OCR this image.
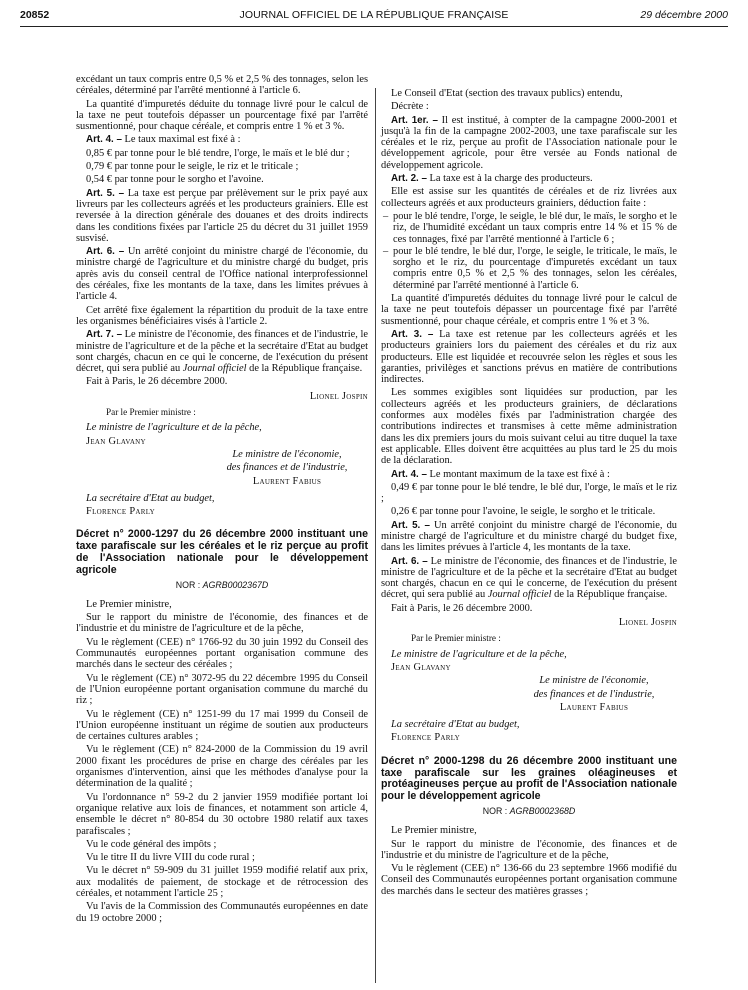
20852	JOURNAL OFFICIEL DE LA RÉPUBLIQUE FRANÇAISE	29 décembre 2000

excédant un taux compris entre 0,5 % et 2,5 % des tonnages, selon les céréales, déterminé par l'arrêté mentionné à l'article 6.

La quantité d'impuretés déduite du tonnage livré pour le calcul de la taxe ne peut toutefois dépasser un pourcentage fixé par l'arrêté susmentionné, pour chaque céréale, et compris entre 1 % et 3 %.

Art. 4. – Le taux maximal est fixé à :

0,85 € par tonne pour le blé tendre, l'orge, le maïs et le blé dur ;

0,79 € par tonne pour le seigle, le riz et le triticale ;

0,54 € par tonne pour le sorgho et l'avoine.

Art. 5. – La taxe est perçue par prélèvement sur le prix payé aux livreurs par les collecteurs agréés et les producteurs grainiers. Elle est reversée à la direction générale des douanes et des droits indirects dans les conditions fixées par l'article 25 du décret du 31 juillet 1959 susvisé.

Art. 6. – Un arrêté conjoint du ministre chargé de l'économie, du ministre chargé de l'agriculture et du ministre chargé du budget, pris après avis du conseil central de l'Office national interprofessionnel des céréales, fixe les montants de la taxe, dans les limites prévues à l'article 4.

Cet arrêté fixe également la répartition du produit de la taxe entre les organismes bénéficiaires visés à l'article 2.

Art. 7. – Le ministre de l'économie, des finances et de l'industrie, le ministre de l'agriculture et de la pêche et la secrétaire d'Etat au budget sont chargés, chacun en ce qui le concerne, de l'exécution du présent décret, qui sera publié au Journal officiel de la République française.

Fait à Paris, le 26 décembre 2000.

Lionel Jospin
Par le Premier ministre :

Le ministre de l'agriculture et de la pêche,

Jean Glavany

Le ministre de l'économie,

des finances et de l'industrie,

Laurent Fabius

La secrétaire d'Etat au budget,

Florence Parly

Décret n° 2000-1297 du 26 décembre 2000 instituant une taxe parafiscale sur les céréales et le riz perçue au profit de l'Association nationale pour le développement agricole
NOR : AGRB0002367D

Le Premier ministre,

Sur le rapport du ministre de l'économie, des finances et de l'industrie et du ministre de l'agriculture et de la pêche,

Vu le règlement (CEE) n° 1766-92 du 30 juin 1992 du Conseil des Communautés européennes portant organisation commune des marchés dans le secteur des céréales ;

Vu le règlement (CE) n° 3072-95 du 22 décembre 1995 du Conseil de l'Union européenne portant organisation commune du marché du riz ;

Vu le règlement (CE) n° 1251-99 du 17 mai 1999 du Conseil de l'Union européenne instituant un régime de soutien aux producteurs de certaines cultures arables ;

Vu le règlement (CE) n° 824-2000 de la Commission du 19 avril 2000 fixant les procédures de prise en charge des céréales par les organismes d'intervention, ainsi que les méthodes d'analyse pour la détermination de la qualité ;

Vu l'ordonnance n° 59-2 du 2 janvier 1959 modifiée portant loi organique relative aux lois de finances, et notamment son article 4, ensemble le décret n° 80-854 du 30 octobre 1980 relatif aux taxes parafiscales ;

Vu le code général des impôts ;

Vu le titre II du livre VIII du code rural ;

Vu le décret n° 59-909 du 31 juillet 1959 modifié relatif aux prix, aux modalités de paiement, de stockage et de rétrocession des céréales, et notamment l'article 25 ;

Vu l'avis de la Commission des Communautés européennes en date du 19 octobre 2000 ;

Le Conseil d'Etat (section des travaux publics) entendu,

Décrète :

Art. 1er. – Il est institué, à compter de la campagne 2000-2001 et jusqu'à la fin de la campagne 2002-2003, une taxe parafiscale sur les céréales et le riz, perçue au profit de l'Association nationale pour le développement agricole, pour être versée au Fonds national de développement agricole.

Art. 2. – La taxe est à la charge des producteurs.

Elle est assise sur les quantités de céréales et de riz livrées aux collecteurs agréés et aux producteurs grainiers, déduction faite :

– pour le blé tendre, l'orge, le seigle, le blé dur, le maïs, le sorgho et le riz, de l'humidité excédant un taux compris entre 14 % et 15 % de ces tonnages, fixé par l'arrêté mentionné à l'article 6 ;
– pour le blé tendre, le blé dur, l'orge, le seigle, le triticale, le maïs, le sorgho et le riz, du pourcentage d'impuretés excédant un taux compris entre 0,5 % et 2,5 % des tonnages, selon les céréales, déterminé par l'arrêté mentionné à l'article 6.

La quantité d'impuretés déduites du tonnage livré pour le calcul de la taxe ne peut toutefois dépasser un pourcentage fixé par l'arrêté susmentionné, pour chaque céréale, et compris entre 1 % et 3 %.

Art. 3. – La taxe est retenue par les collecteurs agréés et les producteurs grainiers lors du paiement des céréales et du riz aux producteurs. Elle est liquidée et recouvrée selon les règles et sous les garanties, privilèges et sanctions prévus en matière de contributions indirectes.

Les sommes exigibles sont liquidées sur production, par les collecteurs agréés et les producteurs grainiers, de déclarations conformes aux modèles fixés par l'administration chargée des contributions indirectes et transmises à cette même administration dans les dix premiers jours du mois suivant celui au titre duquel la taxe est applicable. Elles doivent être acquittées au plus tard le 25 du mois de la déclaration.

Art. 4. – Le montant maximum de la taxe est fixé à :

0,49 € par tonne pour le blé tendre, le blé dur, l'orge, le maïs et le riz ;

0,26 € par tonne pour l'avoine, le seigle, le sorgho et le triticale.

Art. 5. – Un arrêté conjoint du ministre chargé de l'économie, du ministre chargé de l'agriculture et du ministre chargé du budget fixe, dans les limites prévues à l'article 4, les montants de la taxe.

Art. 6. – Le ministre de l'économie, des finances et de l'industrie, le ministre de l'agriculture et de la pêche et la secrétaire d'Etat au budget sont chargés, chacun en ce qui le concerne, de l'exécution du présent décret, qui sera publié au Journal officiel de la République française.

Fait à Paris, le 26 décembre 2000.

Lionel Jospin
Par le Premier ministre :

Le ministre de l'agriculture et de la pêche,

Jean Glavany

Le ministre de l'économie,

des finances et de l'industrie,

Laurent Fabius

La secrétaire d'Etat au budget,

Florence Parly

Décret n° 2000-1298 du 26 décembre 2000 instituant une taxe parafiscale sur les graines oléagineuses et protéagineuses perçue au profit de l'Association nationale pour le développement agricole
NOR : AGRB0002368D

Le Premier ministre,

Sur le rapport du ministre de l'économie, des finances et de l'industrie et du ministre de l'agriculture et de la pêche,

Vu le règlement (CEE) n° 136-66 du 23 septembre 1966 modifié du Conseil des Communautés européennes portant organisation commune des marchés dans le secteur des matières grasses ;
